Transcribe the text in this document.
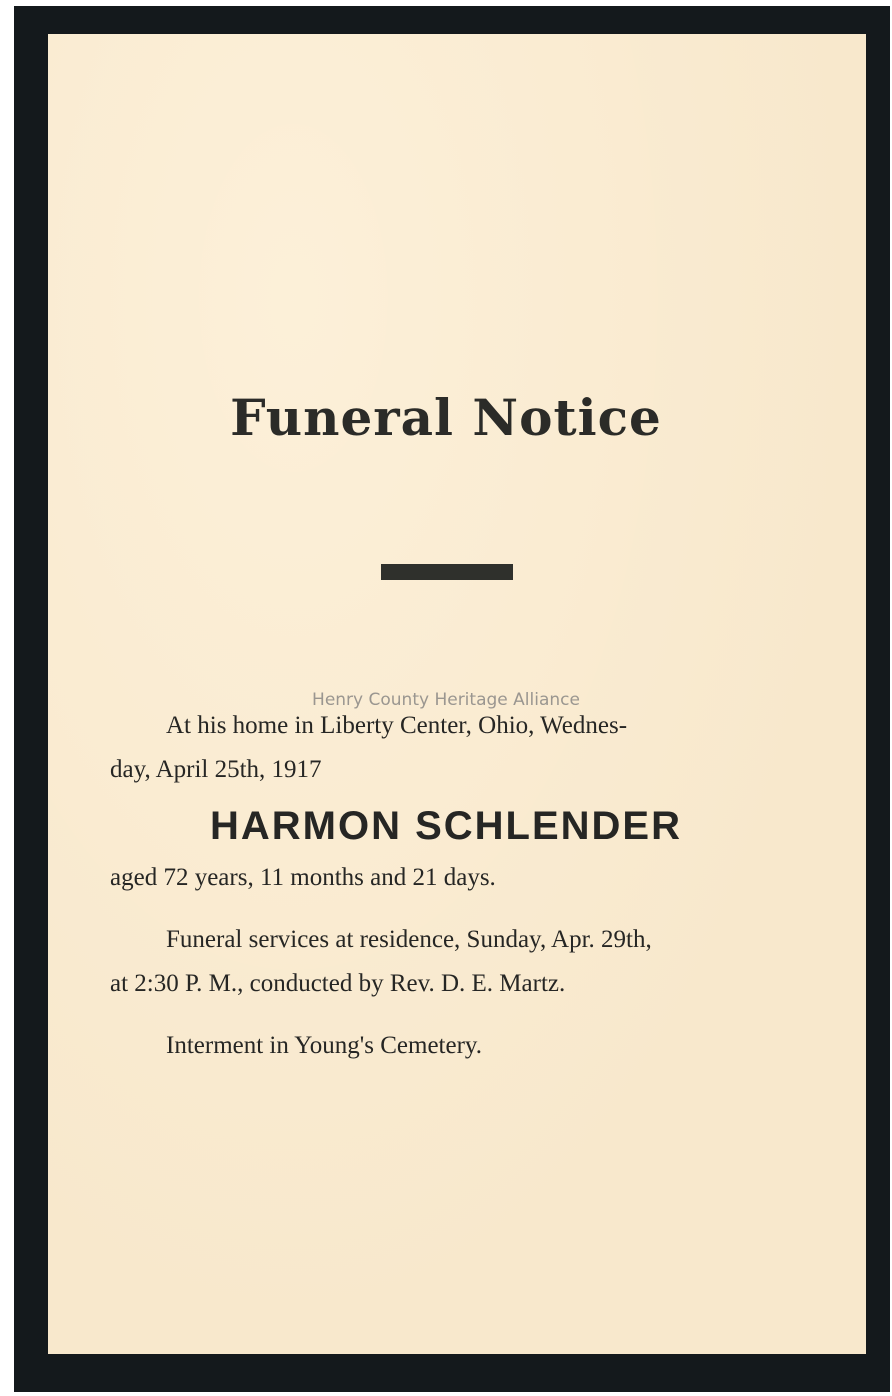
Funeral Notice
Henry County Heritage Alliance

At his home in Liberty Center, Ohio, Wednes-

day, April 25th, 1917

HARMON SCHLENDER

aged 72 years, 11 months and 21 days.

Funeral services at residence, Sunday, Apr. 29th,

at 2:30 P. M., conducted by Rev. D. E. Martz.

Interment in Young's Cemetery.
